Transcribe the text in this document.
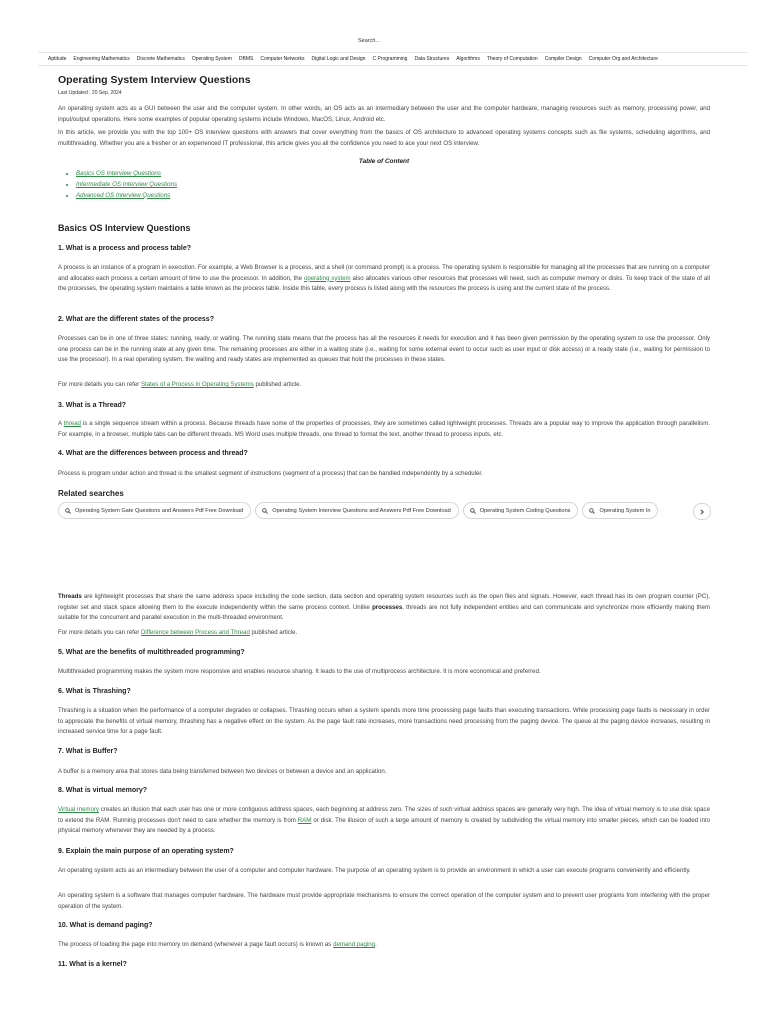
Search...
Aptitude Engineering Mathematics Discrete Mathematics Operating System DBMS Computer Networks Digital Logic and Design C Programming Data Structures Algorithms Theory of Computation Compiler Design Computer Org and Architecture
Operating System Interview Questions
Last Updated : 20 Sep, 2024

An operating system acts as a GUI between the user and the computer system. In other words, an OS acts as an intermediary between the user and the computer hardware, managing resources such as memory, processing power, and input/output operations. Here some examples of popular operating systems include Windows, MacOS, Linux, Android etc.

In this article, we provide you with the top 100+ OS interview questions with answers that cover everything from the basics of OS architecture to advanced operating systems concepts such as file systems, scheduling algorithms, and multithreading. Whether you are a fresher or an experienced IT professional, this article gives you all the confidence you need to ace your next OS interview.

Table of Content
• Basics OS Interview Questions
• Intermediate OS Interview Questions
• Advanced OS Interview Questions
Basics OS Interview Questions
1. What is a process and process table?

A process is an instance of a program in execution. For example, a Web Browser is a process, and a shell (or command prompt) is a process. The operating system is responsible for managing all the processes that are running on a computer and allocates each process a certain amount of time to use the processor. In addition, the operating system also allocates various other resources that processes will need, such as computer memory or disks. To keep track of the state of all the processes, the operating system maintains a table known as the process table. Inside this table, every process is listed along with the resources the process is using and the current state of the process.

2. What are the different states of the process?

Processes can be in one of three states: running, ready, or waiting. The running state means that the process has all the resources it needs for execution and it has been given permission by the operating system to use the processor. Only one process can be in the running state at any given time. The remaining processes are either in a waiting state (i.e., waiting for some external event to occur such as user input or disk access) or a ready state (i.e., waiting for permission to use the processor). In a real operating system, the waiting and ready states are implemented as queues that hold the processes in these states.

For more details you can refer States of a Process in Operating Systems published article.

3. What is a Thread?

A thread is a single sequence stream within a process. Because threads have some of the properties of processes, they are sometimes called lightweight processes. Threads are a popular way to improve the application through parallelism. For example, in a browser, multiple tabs can be different threads. MS Word uses multiple threads, one thread to format the text, another thread to process inputs, etc.

4. What are the differences between process and thread?

Process is program under action and thread is the smallest segment of instructions (segment of a process) that can be handled independently by a scheduler.

Related searches

Threads are lightweight processes that share the same address space including the code section, data section and operating system resources such as the open files and signals. However, each thread has its own program counter (PC), register set and stack space allowing them to the execute independently within the same process context. Unlike processes, threads are not fully independent entities and can communicate and synchronize more efficiently making them suitable for the concurrent and parallel execution in the multi-threaded environment.

For more details you can refer Difference between Process and Thread published article.

5. What are the benefits of multithreaded programming?

Multithreaded programming makes the system more responsive and enables resource sharing. It leads to the use of multiprocess architecture. It is more economical and preferred.

6. What is Thrashing?

Thrashing is a situation when the performance of a computer degrades or collapses. Thrashing occurs when a system spends more time processing page faults than executing transactions. While processing page faults is necessary in order to appreciate the benefits of virtual memory, thrashing has a negative effect on the system. As the page fault rate increases, more transactions need processing from the paging device. The queue at the paging device increases, resulting in increased service time for a page fault.

7. What is Buffer?

A buffer is a memory area that stores data being transferred between two devices or between a device and an application.

8. What is virtual memory?

Virtual memory creates an illusion that each user has one or more contiguous address spaces, each beginning at address zero. The sizes of such virtual address spaces are generally very high. The idea of virtual memory is to use disk space to extend the RAM. Running processes don't need to care whether the memory is from RAM or disk. The illusion of such a large amount of memory is created by subdividing the virtual memory into smaller pieces, which can be loaded into physical memory whenever they are needed by a process.

9. Explain the main purpose of an operating system?

An operating system acts as an intermediary between the user of a computer and computer hardware. The purpose of an operating system is to provide an environment in which a user can execute programs conveniently and efficiently.

An operating system is a software that manages computer hardware. The hardware must provide appropriate mechanisms to ensure the correct operation of the computer system and to prevent user programs from interfering with the proper operation of the system.

10. What is demand paging?

The process of loading the page into memory on demand (whenever a page fault occurs) is known as demand paging.

11. What is a kernel?
Operating System Gate Questions and Answers Pdf Free Download	Operating System Interview Questions and Answers Pdf Free Download	Operating System Coding Questions	Operating System In
